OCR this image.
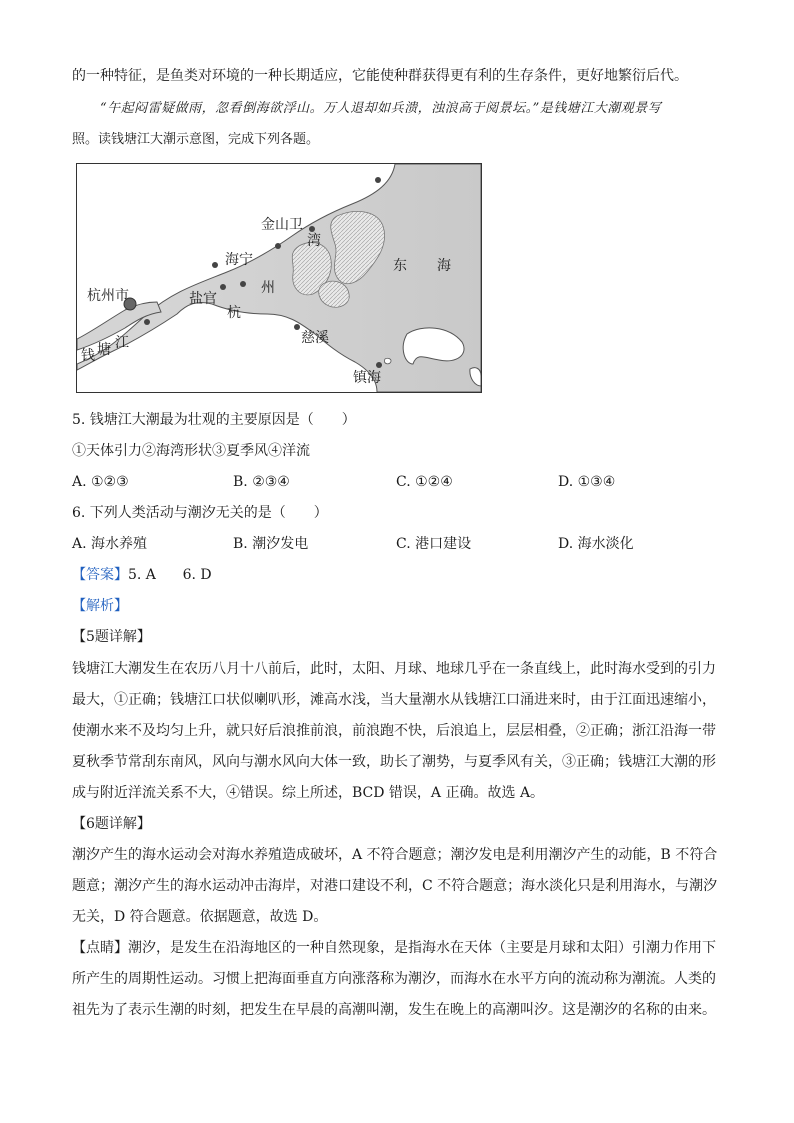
的一种特征，是鱼类对环境的一种长期适应，它能使种群获得更有利的生存条件，更好地繁衍后代。
“午起闷雷疑做雨，忽看倒海欲浮山。万人退却如兵溃，浊浪高于阅景坛。”是钱塘江大潮观景写
照。读钱塘江大潮示意图，完成下列各题。
金山卫
海宁
杭州市	盐官
杭
州
湾
东 海
慈溪
镇海
钱 塘 江
5. 钱塘江大潮最为壮观的主要原因是（　　）
①天体引力②海湾形状③夏季风④洋流
A. ①②③	B. ②③④	C. ①②④	D. ①③④
6. 下列人类活动与潮汐无关的是（　　）
A. 海水养殖	B. 潮汐发电	C. 港口建设	D. 海水淡化
【答案】5. A      6. D
【解析】
【5题详解】
钱塘江大潮发生在农历八月十八前后，此时，太阳、月球、地球几乎在一条直线上，此时海水受到的引力
最大，①正确；钱塘江口状似喇叭形，滩高水浅，当大量潮水从钱塘江口涌进来时，由于江面迅速缩小，
使潮水来不及均匀上升，就只好后浪推前浪，前浪跑不快，后浪追上，层层相叠，②正确；浙江沿海一带
夏秋季节常刮东南风，风向与潮水风向大体一致，助长了潮势，与夏季风有关，③正确；钱塘江大潮的形
成与附近洋流关系不大，④错误。综上所述，BCD 错误，A 正确。故选 A。
【6题详解】
潮汐产生的海水运动会对海水养殖造成破坏，A 不符合题意；潮汐发电是利用潮汐产生的动能，B 不符合
题意；潮汐产生的海水运动冲击海岸，对港口建设不利，C 不符合题意；海水淡化只是利用海水，与潮汐
无关，D 符合题意。依据题意，故选 D。
【点睛】潮汐，是发生在沿海地区的一种自然现象，是指海水在天体（主要是月球和太阳）引潮力作用下
所产生的周期性运动。习惯上把海面垂直方向涨落称为潮汐，而海水在水平方向的流动称为潮流。人类的
祖先为了表示生潮的时刻，把发生在早晨的高潮叫潮，发生在晚上的高潮叫汐。这是潮汐的名称的由来。
